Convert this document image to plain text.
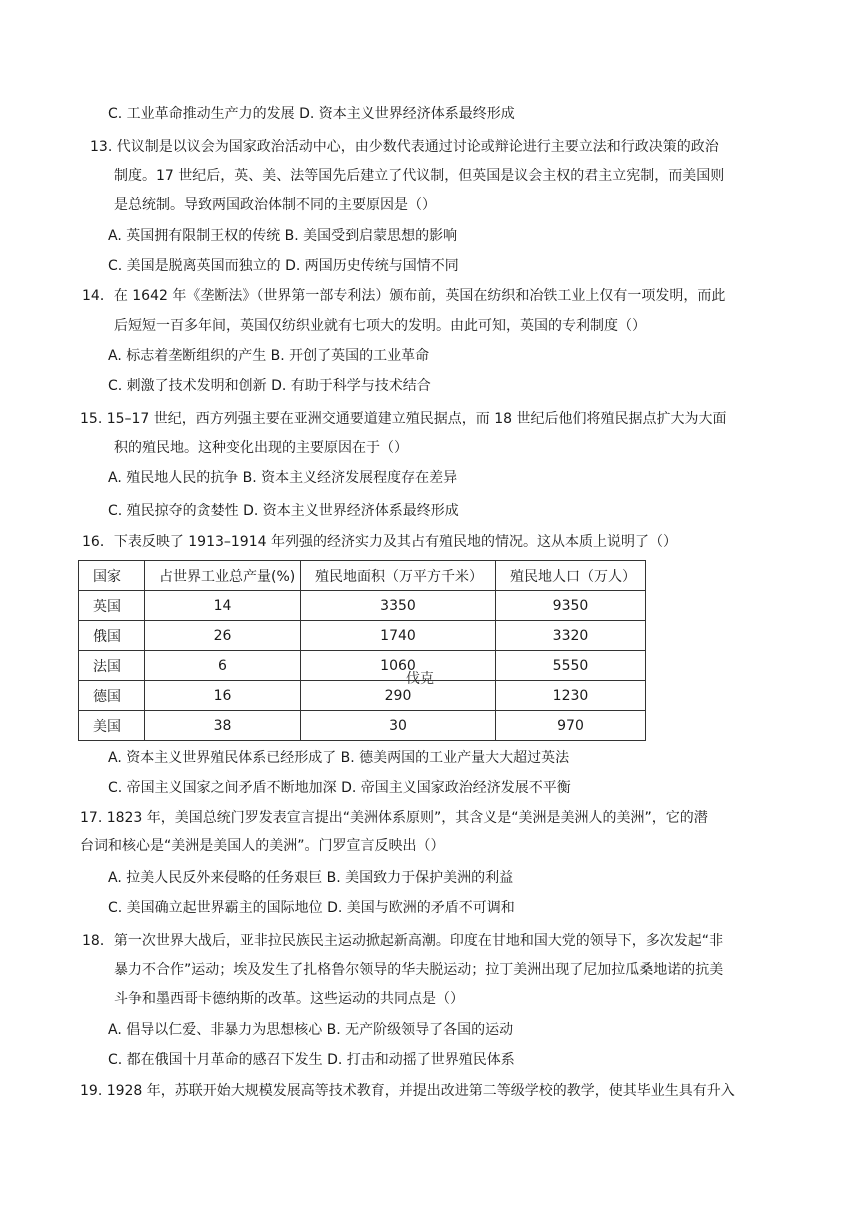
C. 工业革命推动生产力的发展 D. 资本主义世界经济体系最终形成
13. 代议制是以议会为国家政治活动中心，由少数代表通过讨论或辩论进行主要立法和行政决策的政治
制度。17 世纪后，英、美、法等国先后建立了代议制，但英国是议会主权的君主立宪制，而美国则
是总统制。导致两国政治体制不同的主要原因是（）
A. 英国拥有限制王权的传统 B. 美国受到启蒙思想的影响
C. 美国是脱离英国而独立的 D. 两国历史传统与国情不同
14．在 1642 年《垄断法》（世界第一部专利法）颁布前，英国在纺织和冶铁工业上仅有一项发明，而此
后短短一百多年间，英国仅纺织业就有七项大的发明。由此可知，英国的专利制度（）
A. 标志着垄断组织的产生 B. 开创了英国的工业革命
C. 刺激了技术发明和创新 D. 有助于科学与技术结合
15. 15–17 世纪，西方列强主要在亚洲交通要道建立殖民据点，而 18 世纪后他们将殖民据点扩大为大面
积的殖民地。这种变化出现的主要原因在于（）
A. 殖民地人民的抗争 B. 资本主义经济发展程度存在差异
C. 殖民掠夺的贪婪性 D. 资本主义世界经济体系最终形成
16．下表反映了 1913–1914 年列强的经济实力及其占有殖民地的情况。这从本质上说明了（）
A. 资本主义世界殖民体系已经形成了 B. 德美两国的工业产量大大超过英法
C. 帝国主义国家之间矛盾不断地加深 D. 帝国主义国家政治经济发展不平衡
17. 1823 年，美国总统门罗发表宣言提出“美洲体系原则”，其含义是“美洲是美洲人的美洲”，它的潜
台词和核心是“美洲是美国人的美洲”。门罗宣言反映出（）
A. 拉美人民反外来侵略的任务艰巨 B. 美国致力于保护美洲的利益
C. 美国确立起世界霸主的国际地位 D. 美国与欧洲的矛盾不可调和
18．第一次世界大战后，亚非拉民族民主运动掀起新高潮。印度在甘地和国大党的领导下，多次发起“非
暴力不合作”运动；埃及发生了扎格鲁尔领导的华夫脱运动；拉丁美洲出现了尼加拉瓜桑地诺的抗美
斗争和墨西哥卡德纳斯的改革。这些运动的共同点是（）
A. 倡导以仁爱、非暴力为思想核心 B. 无产阶级领导了各国的运动
C. 都在俄国十月革命的感召下发生 D. 打击和动摇了世界殖民体系
19. 1928 年，苏联开始大规模发展高等技术教育，并提出改进第二等级学校的教学，使其毕业生具有升入
国家	占世界工业总产量(%)	殖民地面积（万平方千米）	殖民地人口（万人）
英国	14	3350	9350
俄国	26	1740	3320
法国	6	1060	5550
德国	16	290	1230
美国	38	30	970
伐克
